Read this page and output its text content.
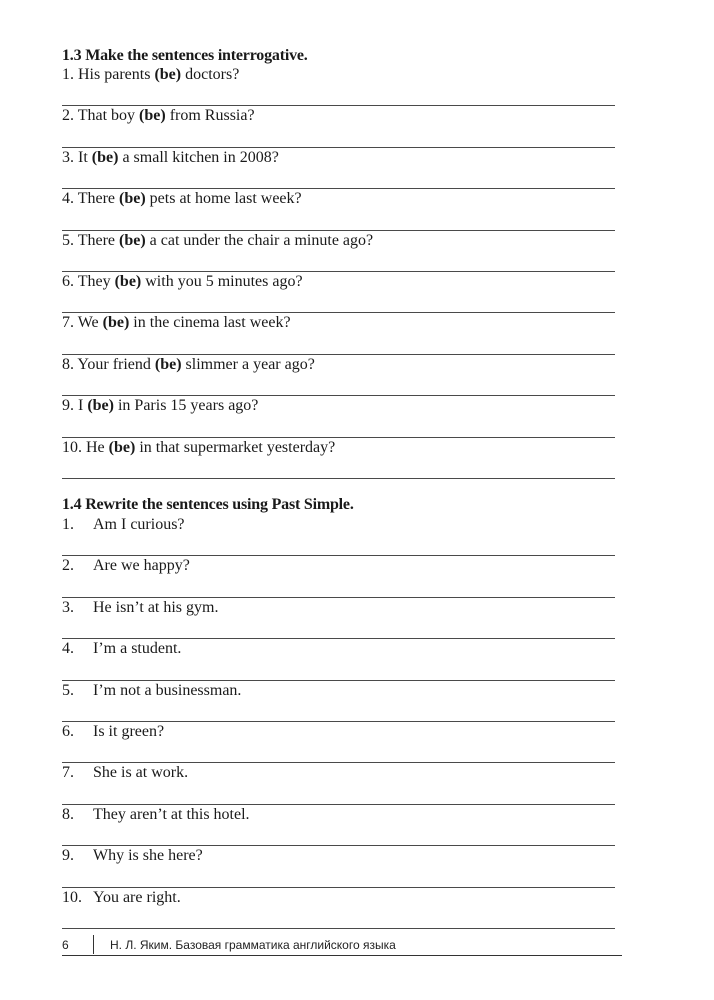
1.3 Make the sentences interrogative.
1. His parents (be) doctors?
2. That boy (be) from Russia?
3. It (be) a small kitchen in 2008?
4. There (be) pets at home last week?
5. There (be) a cat under the chair a minute ago?
6. They (be) with you 5 minutes ago?
7. We (be) in the cinema last week?
8. Your friend (be) slimmer a year ago?
9. I (be) in Paris 15 years ago?
10. He (be) in that supermarket yesterday?
1.4 Rewrite the sentences using Past Simple.
1. Am I curious?
2. Are we happy?
3. He isn’t at his gym.
4. I’m a student.
5. I’m not a businessman.
6. Is it green?
7. She is at work.
8. They aren’t at this hotel.
9. Why is she here?
10. You are right.
6	Н. Л. Яким. Базовая грамматика английского языка
